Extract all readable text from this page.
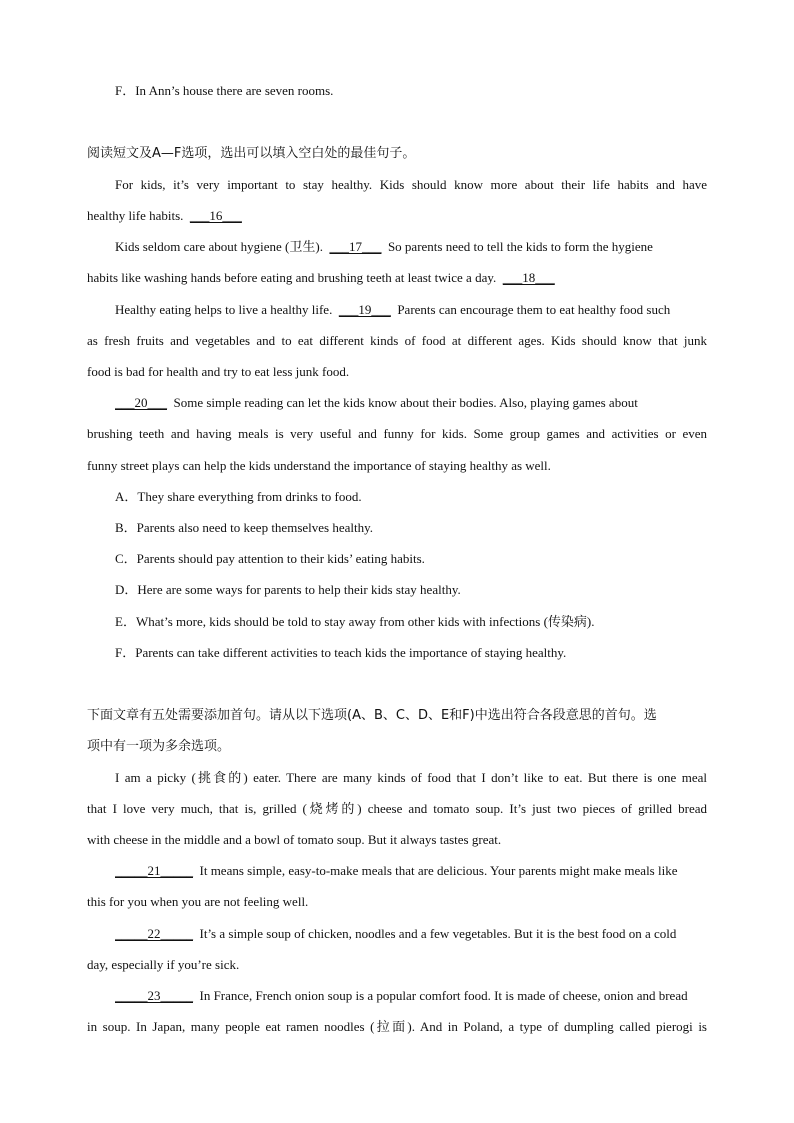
F．In Ann’s house there are seven rooms.
阅读短文及A—F选项，选出可以填入空白处的最佳句子。
For kids, it’s very important to stay healthy. Kids should know more about their life habits and have
healthy life habits. ___16___
Kids seldom care about hygiene (卫生). ___17___ So parents need to tell the kids to form the hygiene
habits like washing hands before eating and brushing teeth at least twice a day. ___18___
Healthy eating helps to live a healthy life. ___19___ Parents can encourage them to eat healthy food such
as fresh fruits and vegetables and to eat different kinds of food at different ages. Kids should know that junk
food is bad for health and try to eat less junk food.
___20___ Some simple reading can let the kids know about their bodies. Also, playing games about
brushing teeth and having meals is very useful and funny for kids. Some group games and activities or even
funny street plays can help the kids understand the importance of staying healthy as well.
A．They share everything from drinks to food.
B．Parents also need to keep themselves healthy.
C．Parents should pay attention to their kids’ eating habits.
D．Here are some ways for parents to help their kids stay healthy.
E．What’s more, kids should be told to stay away from other kids with infections (传染病).
F．Parents can take different activities to teach kids the importance of staying healthy.
下面文章有五处需要添加首句。请从以下选项(A、B、C、D、E和F)中选出符合各段意思的首句。选
项中有一项为多余选项。
I am a picky (挑食的) eater. There are many kinds of food that I don’t like to eat. But there is one meal
that I love very much, that is, grilled (烧烤的) cheese and tomato soup. It’s just two pieces of grilled bread
with cheese in the middle and a bowl of tomato soup. But it always tastes great.
_____21_____ It means simple, easy-to-make meals that are delicious. Your parents might make meals like
this for you when you are not feeling well.
_____22_____ It’s a simple soup of chicken, noodles and a few vegetables. But it is the best food on a cold
day, especially if you’re sick.
_____23_____ In France, French onion soup is a popular comfort food. It is made of cheese, onion and bread
in soup. In Japan, many people eat ramen noodles (拉面). And in Poland, a type of dumpling called pierogi is
